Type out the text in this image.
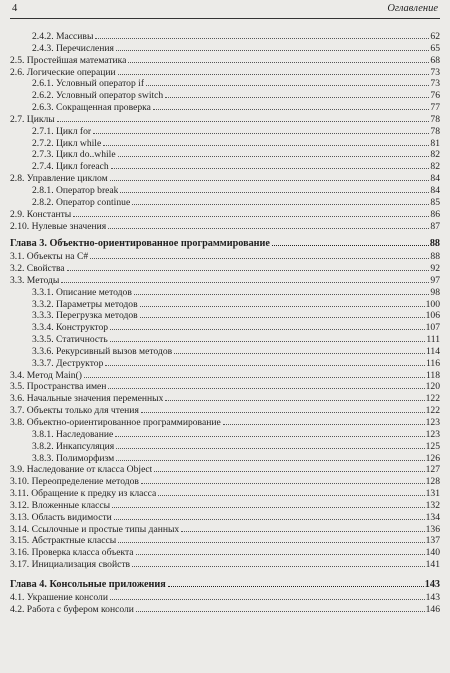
4	Оглавление
2.4.2. Массивы	62
2.4.3. Перечисления	65
2.5. Простейшая математика	68
2.6. Логические операции	73
2.6.1. Условный оператор if	73
2.6.2. Условный оператор switch	76
2.6.3. Сокращенная проверка	77
2.7. Циклы	78
2.7.1. Цикл for	78
2.7.2. Цикл while	81
2.7.3. Цикл do..while	82
2.7.4. Цикл foreach	82
2.8. Управление циклом	84
2.8.1. Оператор break	84
2.8.2. Оператор continue	85
2.9. Константы	86
2.10. Нулевые значения	87
Глава 3. Объектно-ориентированное программирование	88
3.1. Объекты на C#	88
3.2. Свойства	92
3.3. Методы	97
3.3.1. Описание методов	98
3.3.2. Параметры методов	100
3.3.3. Перегрузка методов	106
3.3.4. Конструктор	107
3.3.5. Статичность	111
3.3.6. Рекурсивный вызов методов	114
3.3.7. Деструктор	116
3.4. Метод Main()	118
3.5. Пространства имен	120
3.6. Начальные значения переменных	122
3.7. Объекты только для чтения	122
3.8. Объектно-ориентированное программирование	123
3.8.1. Наследование	123
3.8.2. Инкапсуляция	125
3.8.3. Полиморфизм	126
3.9. Наследование от класса Object	127
3.10. Переопределение методов	128
3.11. Обращение к предку из класса	131
3.12. Вложенные классы	132
3.13. Область видимости	134
3.14. Ссылочные и простые типы данных	136
3.15. Абстрактные классы	137
3.16. Проверка класса объекта	140
3.17. Инициализация свойств	141
Глава 4. Консольные приложения	143
4.1. Украшение консоли	143
4.2. Работа с буфером консоли	146
